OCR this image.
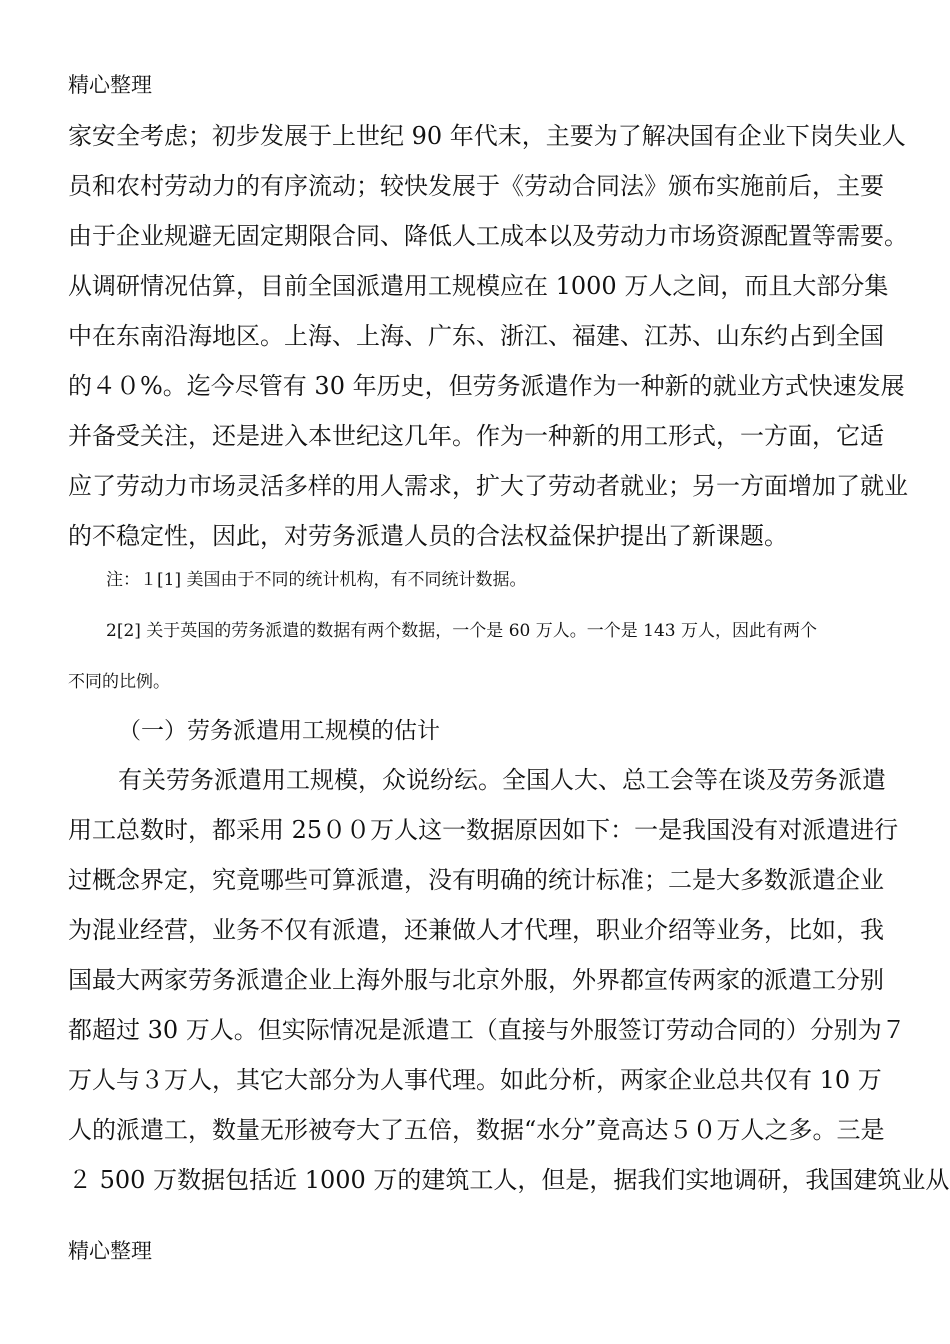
精心整理
家安全考虑；初步发展于上世纪 90 年代末，主要为了解决国有企业下岗失业人
员和农村劳动力的有序流动；较快发展于《劳动合同法》颁布实施前后，主要
由于企业规避无固定期限合同、降低人工成本以及劳动力市场资源配置等需要。
从调研情况估算，目前全国派遣用工规模应在 1000 万人之间，而且大部分集
中在东南沿海地区。上海、上海、广东、浙江、福建、江苏、山东约占到全国
的４０%。迄今尽管有 30 年历史，但劳务派遣作为一种新的就业方式快速发展
并备受关注，还是进入本世纪这几年。作为一种新的用工形式，一方面，它适
应了劳动力市场灵活多样的用人需求，扩大了劳动者就业；另一方面增加了就业
的不稳定性，因此，对劳务派遣人员的合法权益保护提出了新课题。
注：１[1] 美国由于不同的统计机构，有不同统计数据。
2[2] 关于英国的劳务派遣的数据有两个数据，一个是 60 万人。一个是 143 万人，因此有两个
不同的比例。
（一）劳务派遣用工规模的估计
有关劳务派遣用工规模，众说纷纭。全国人大、总工会等在谈及劳务派遣
用工总数时，都采用 25００万人这一数据原因如下：一是我国没有对派遣进行
过概念界定，究竟哪些可算派遣，没有明确的统计标准；二是大多数派遣企业
为混业经营，业务不仅有派遣，还兼做人才代理，职业介绍等业务，比如，我
国最大两家劳务派遣企业上海外服与北京外服，外界都宣传两家的派遣工分别
都超过 30 万人。但实际情况是派遣工（直接与外服签订劳动合同的）分别为７
万人与３万人，其它大部分为人事代理。如此分析，两家企业总共仅有 10 万
人的派遣工，数量无形被夸大了五倍，数据“水分”竟高达５０万人之多。三是
２ 500 万数据包括近 1000 万的建筑工人，但是，据我们实地调研，我国建筑业从
精心整理
